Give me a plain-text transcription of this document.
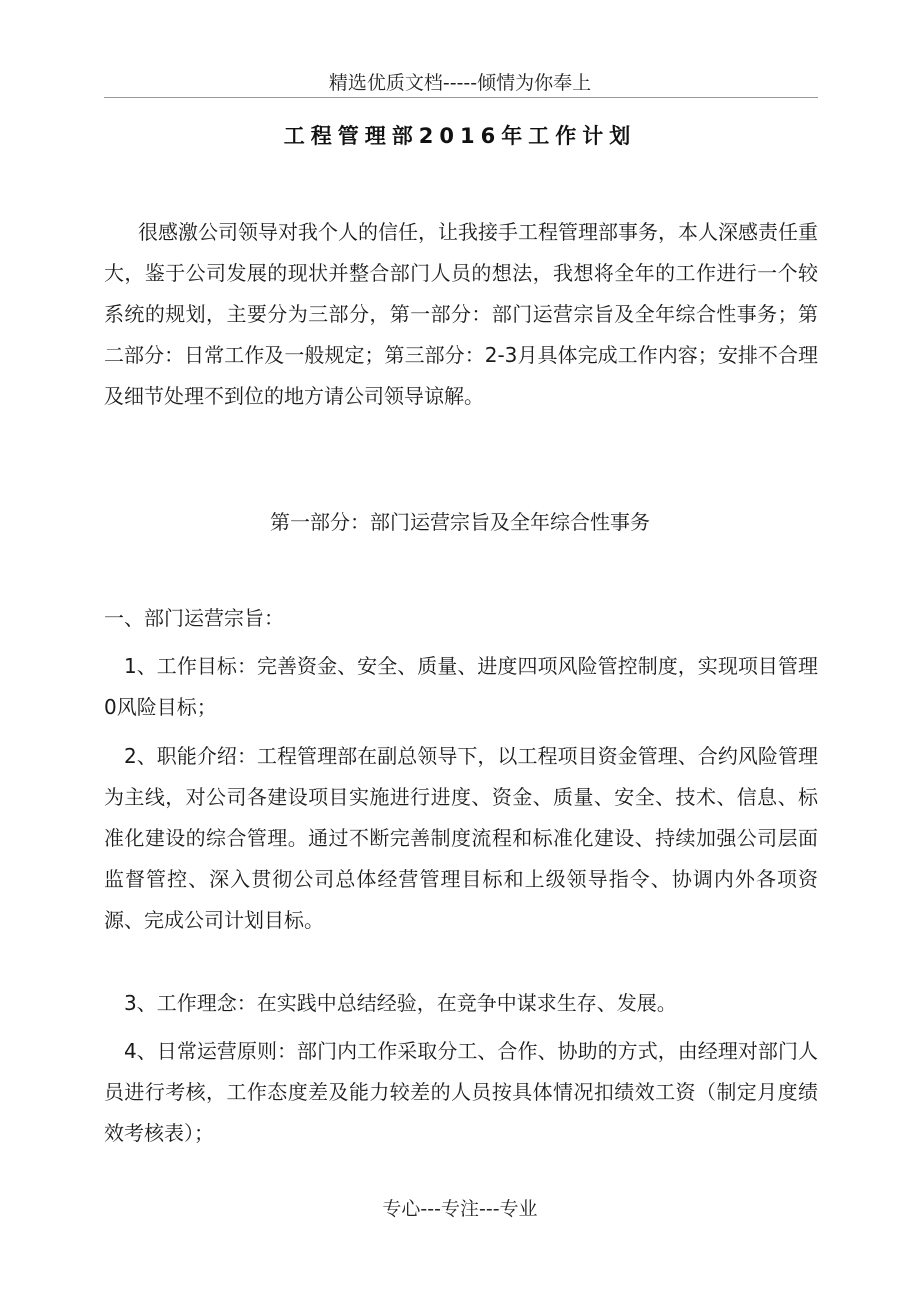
精选优质文档-----倾情为你奉上
工程管理部2016年工作计划

很感激公司领导对我个人的信任，让我接手工程管理部事务，本人深感责任重大，鉴于公司发展的现状并整合部门人员的想法，我想将全年的工作进行一个较系统的规划，主要分为三部分，第一部分：部门运营宗旨及全年综合性事务；第二部分：日常工作及一般规定；第三部分：2-3月具体完成工作内容；安排不合理及细节处理不到位的地方请公司领导谅解。

第一部分：部门运营宗旨及全年综合性事务

一、部门运营宗旨：

1、工作目标：完善资金、安全、质量、进度四项风险管控制度，实现项目管理0风险目标；

2、职能介绍：工程管理部在副总领导下，以工程项目资金管理、合约风险管理为主线，对公司各建设项目实施进行进度、资金、质量、安全、技术、信息、标准化建设的综合管理。通过不断完善制度流程和标准化建设、持续加强公司层面监督管控、深入贯彻公司总体经营管理目标和上级领导指令、协调内外各项资源、完成公司计划目标。

3、工作理念：在实践中总结经验，在竞争中谋求生存、发展。

4、日常运营原则：部门内工作采取分工、合作、协助的方式，由经理对部门人员进行考核，工作态度差及能力较差的人员按具体情况扣绩效工资（制定月度绩效考核表）；

专心---专注---专业
